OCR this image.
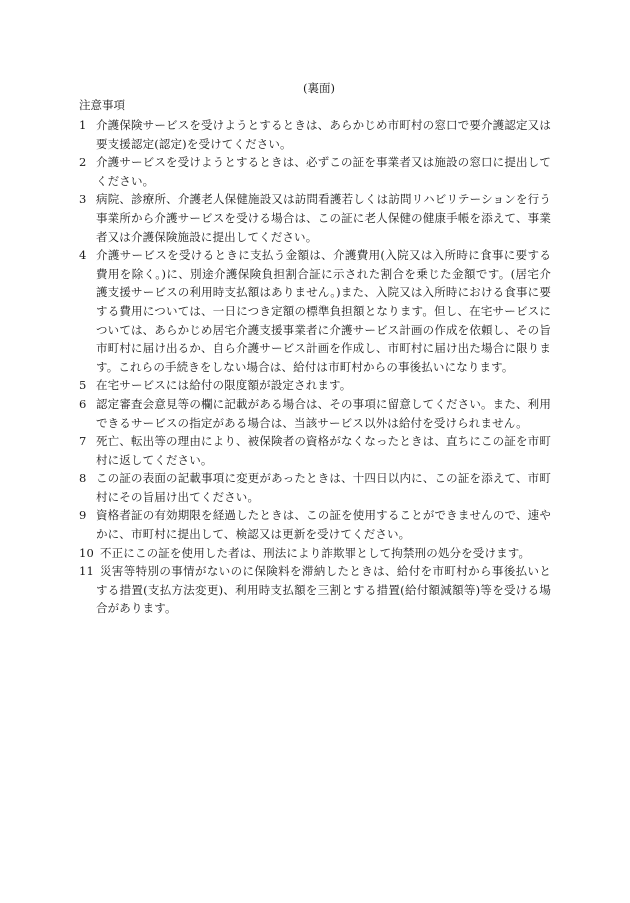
(裏面)
注意事項
1 介護保険サービスを受けようとするときは、あらかじめ市町村の窓口で要介護認定又は要支援認定(認定)を受けてください。
2 介護サービスを受けようとするときは、必ずこの証を事業者又は施設の窓口に提出してください。
3 病院、診療所、介護老人保健施設又は訪問看護若しくは訪問リハビリテーションを行う事業所から介護サービスを受ける場合は、この証に老人保健の健康手帳を添えて、事業者又は介護保険施設に提出してください。
4 介護サービスを受けるときに支払う金額は、介護費用(入院又は入所時に食事に要する費用を除く。)に、別途介護保険負担割合証に示された割合を乗じた金額です。(居宅介護支援サービスの利用時支払額はありません。)また、入院又は入所時における食事に要する費用については、一日につき定額の標準負担額となります。但し、在宅サービスについては、あらかじめ居宅介護支援事業者に介護サービス計画の作成を依頼し、その旨市町村に届け出るか、自ら介護サービス計画を作成し、市町村に届け出た場合に限ります。これらの手続きをしない場合は、給付は市町村からの事後払いになります。
5 在宅サービスには給付の限度額が設定されます。
6 認定審査会意見等の欄に記載がある場合は、その事項に留意してください。また、利用できるサービスの指定がある場合は、当該サービス以外は給付を受けられません。
7 死亡、転出等の理由により、被保険者の資格がなくなったときは、直ちにこの証を市町村に返してください。
8 この証の表面の記載事項に変更があったときは、十四日以内に、この証を添えて、市町村にその旨届け出てください。
9 資格者証の有効期限を経過したときは、この証を使用することができませんので、速やかに、市町村に提出して、検認又は更新を受けてください。
10 不正にこの証を使用した者は、刑法により詐欺罪として拘禁刑の処分を受けます。
11 災害等特別の事情がないのに保険料を滞納したときは、給付を市町村から事後払いとする措置(支払方法変更)、利用時支払額を三割とする措置(給付額減額等)等を受ける場合があります。
